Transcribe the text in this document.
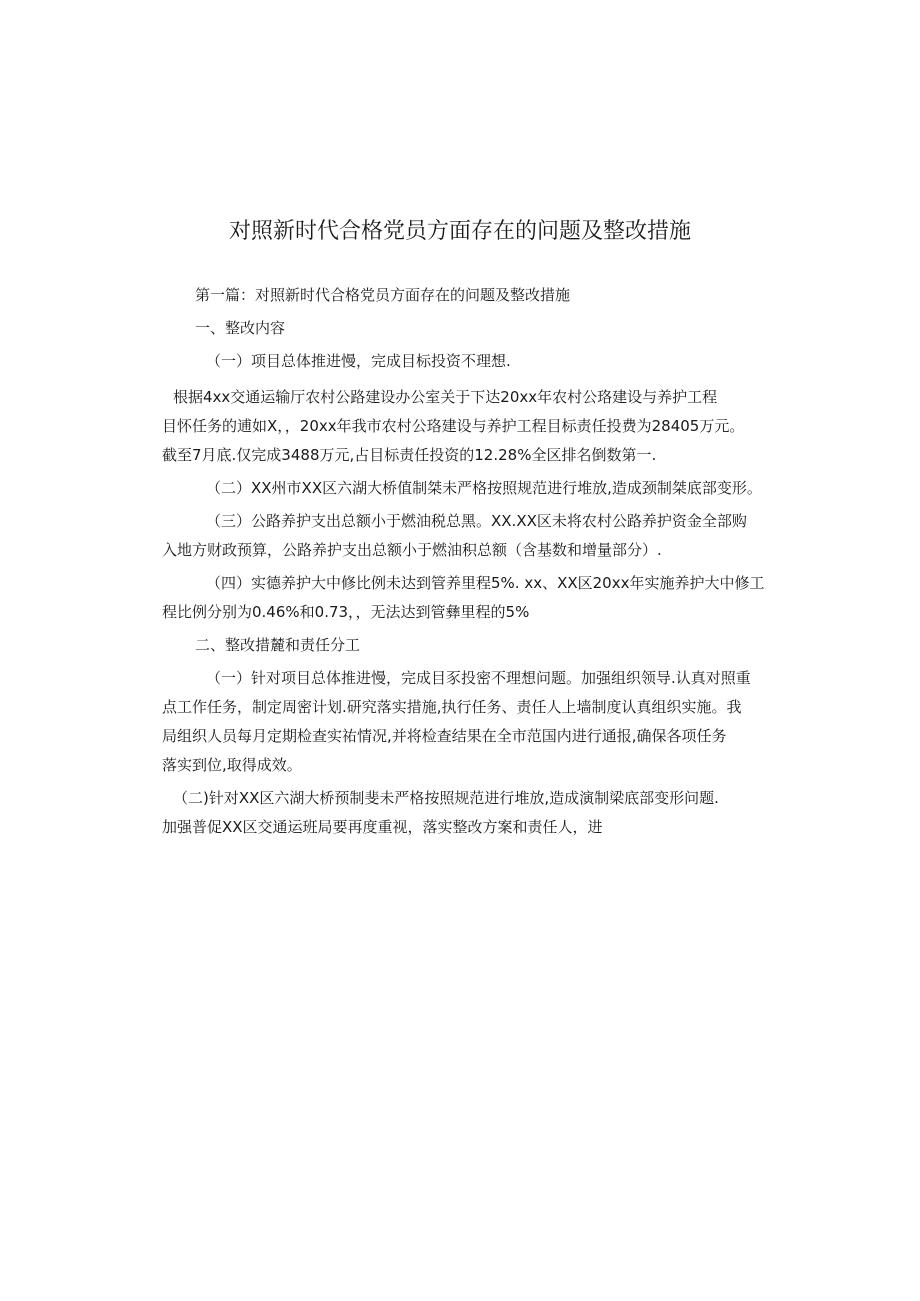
对照新时代合格党员方面存在的问题及整改措施
第一篇：对照新时代合格党员方面存在的问题及整改措施
一、整改内容
（一）项目总体推进慢，完成目标投资不理想.
根据4xx交通运输厅农村公路建设办公室关于下达20xx年农村公珞建设与养护工程
目怀任务的逋如X，，20xx年我市农村公珞建设与养护工程目标责任投费为28405万元。
截至7月底.仅完成3488万元,占目标责任投资的12.28%全区排名倒数第一.
（二）XX州市XX区六湖大桥值制桀未严格按照规范进行堆放,造成颈制桀底部变形。
（三）公路养护支出总额小于燃油税总黑。XX.XX区未将农村公路养护资金全部购
入地方财政预算，公路养护支出总额小于燃油积总额（含基数和增量部分）.
（四）实德养护大中修比例未达到管养里程5%. xx、XX区20xx年实施养护大中修工
程比例分别为0.46%和0.73，，无法达到管彝里程的5%
二、整改措麓和责任分工
（一）针对项目总体推进慢，完成目豕投密不理想问题。加强组织领导.认真对照重
点工作任务，制定周密计划.研究落实措施,执行任务、责任人上墙制度认真组织实施。我
局组织人员每月定期检查实祐情况,并将检查结果在全市范国内进行通报,确保各项任务
落实到位,取得成效。
（二)针对XX区六湖大桥预制斐未严格按照规范进行堆放,造成演制梁底部变形问题.
加强普促XX区交通运班局要再度重视，落实整改方案和责任人，进
